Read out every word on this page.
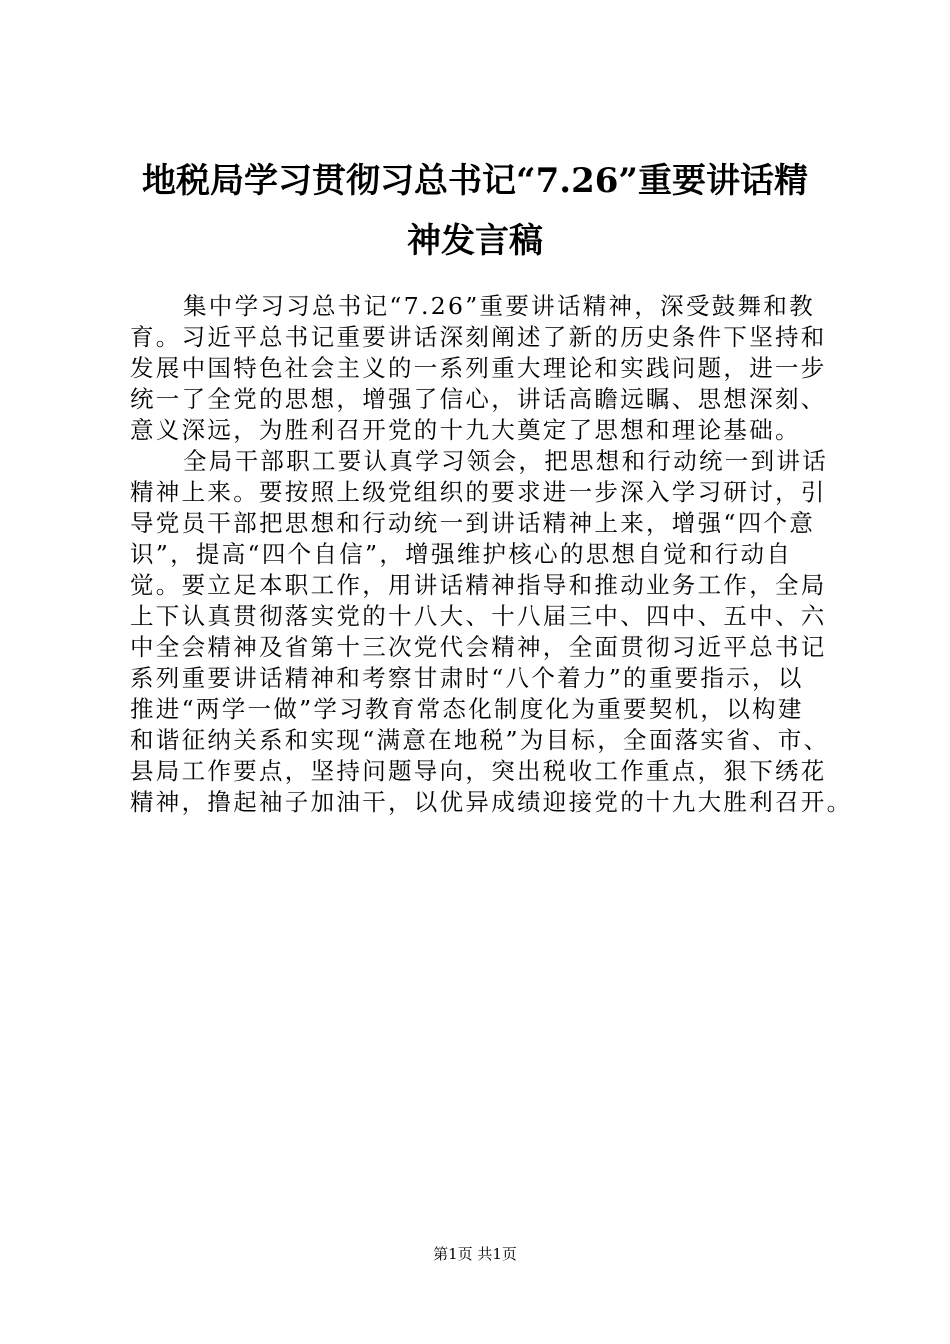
地税局学习贯彻习总书记“7.26”重要讲话精
神发言稿
集中学习习总书记“7.26”重要讲话精神，深受鼓舞和教
育。习近平总书记重要讲话深刻阐述了新的历史条件下坚持和
发展中国特色社会主义的一系列重大理论和实践问题，进一步
统一了全党的思想，增强了信心，讲话高瞻远瞩、思想深刻、
意义深远，为胜利召开党的十九大奠定了思想和理论基础。
全局干部职工要认真学习领会，把思想和行动统一到讲话
精神上来。要按照上级党组织的要求进一步深入学习研讨，引
导党员干部把思想和行动统一到讲话精神上来，增强“四个意
识”，提高“四个自信”，增强维护核心的思想自觉和行动自
觉。要立足本职工作，用讲话精神指导和推动业务工作，全局
上下认真贯彻落实党的十八大、十八届三中、四中、五中、六
中全会精神及省第十三次党代会精神，全面贯彻习近平总书记
系列重要讲话精神和考察甘肃时“八个着力”的重要指示，以
推进“两学一做”学习教育常态化制度化为重要契机，以构建
和谐征纳关系和实现“满意在地税”为目标，全面落实省、市、
县局工作要点，坚持问题导向，突出税收工作重点，狠下绣花
精神，撸起袖子加油干，以优异成绩迎接党的十九大胜利召开。
第1页 共1页
